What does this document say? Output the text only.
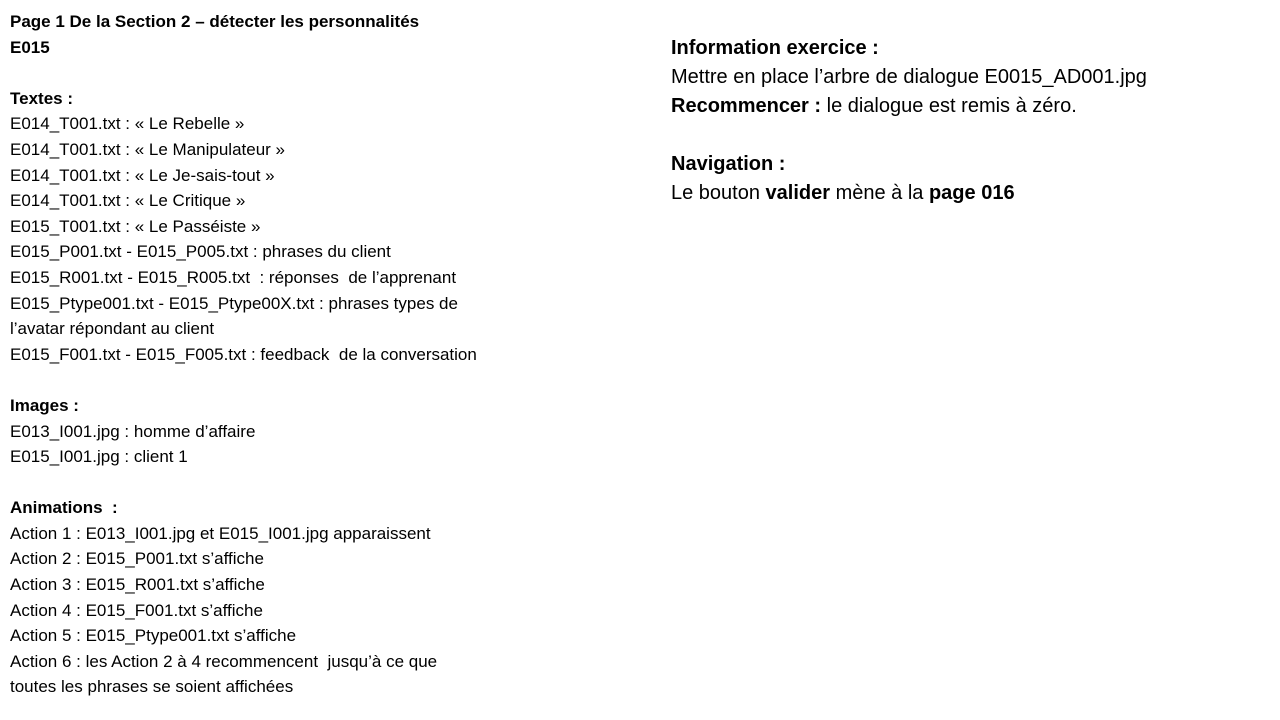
Page 1 De la Section 2 – détecter les personnalités
E015
Textes :
E014_T001.txt : « Le Rebelle »
E014_T001.txt : « Le Manipulateur »
E014_T001.txt : « Le Je-sais-tout »
E014_T001.txt : « Le Critique »
E015_T001.txt : « Le Passéiste »
E015_P001.txt - E015_P005.txt : phrases du client
E015_R001.txt - E015_R005.txt  : réponses  de l’apprenant
E015_Ptype001.txt - E015_Ptype00X.txt : phrases types de
l’avatar répondant au client
E015_F001.txt - E015_F005.txt : feedback  de la conversation
Images :
E013_I001.jpg : homme d’affaire
E015_I001.jpg : client 1
Animations  :
Action 1 : E013_I001.jpg et E015_I001.jpg apparaissent
Action 2 : E015_P001.txt s’affiche
Action 3 : E015_R001.txt s’affiche
Action 4 : E015_F001.txt s’affiche
Action 5 : E015_Ptype001.txt s’affiche
Action 6 : les Action 2 à 4 recommencent  jusqu’à ce que
toutes les phrases se soient affichées
Information exercice :
Mettre en place l’arbre de dialogue E0015_AD001.jpg
Recommencer : le dialogue est remis à zéro.
Navigation :
Le bouton valider mène à la page 016
